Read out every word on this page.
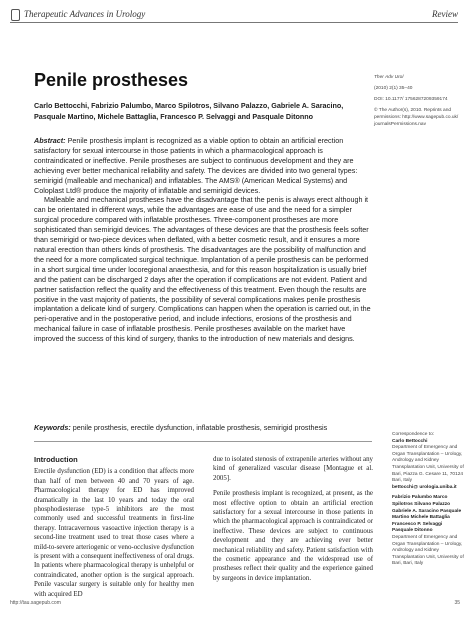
Therapeutic Advances in Urology	Review
Penile prostheses
Carlo Bettocchi, Fabrizio Palumbo, Marco Spilotros, Silvano Palazzo, Gabriele A. Saracino, Pasquale Martino, Michele Battaglia, Francesco P. Selvaggi and Pasquale Ditonno

Ther Adv Urol

(2010) 2(1) 35–40

DOI: 10.1177/ 1756287209359174

© The Author(s), 2010. Reprints and permissions: http://www.sagepub.co.uk/ journalsPermissions.nav

Abstract: Penile prosthesis implant is recognized as a viable option to obtain an artificial erection satisfactory for sexual intercourse in those patients in which a pharmacological approach is contraindicated or ineffective. Penile prostheses are subject to continuous development and they are achieving ever better mechanical reliability and safety. The devices are divided into two general types: semirigid (malleable and mechanical) and inflatables. The AMS® (American Medical Systems) and Coloplast Ltd® produce the majority of inflatable and semirigid devices.

Malleable and mechanical prostheses have the disadvantage that the penis is always erect although it can be orientated in different ways, while the advantages are ease of use and the need for a simpler surgical procedure compared with inflatable prostheses. Three-component prostheses are more sophisticated than semirigid devices. The advantages of these devices are that the prosthesis feels softer than semirigid or two-piece devices when deflated, with a better cosmetic result, and it ensures a more natural erection than others kinds of prosthesis. The disadvantages are the possibility of malfunction and the need for a more complicated surgical technique. Implantation of a penile prosthesis can be performed in a short surgical time under locoregional anaesthesia, and for this reason hospitalization is usually brief and the patient can be discharged 2 days after the operation if complications are not evident. Patient and partner satisfaction reflect the quality and the effectiveness of this treatment. Even though the results are positive in the vast majority of patients, the possibility of several complications makes penile prosthesis implantation a delicate kind of surgery. Complications can happen when the operation is carried out, in the peri-operative and in the postoperative period, and include infections, erosions of the prosthesis and mechanical failure in case of inflatable prosthesis. Penile prostheses available on the market have improved the success of this kind of surgery, thanks to the introduction of new materials and designs.

Keywords: penile prosthesis, erectile dysfunction, inflatable prosthesis, semirigid prosthesis
Introduction

Erectile dysfunction (ED) is a condition that affects more than half of men between 40 and 70 years of age. Pharmacological therapy for ED has improved dramatically in the last 10 years and today the oral phosphodiesterase type-5 inhibitors are the most commonly used and successful treatments in first-line therapy. Intracavernous vasoactive injection therapy is a second-line treatment used to treat those cases where a mild-to-severe arteriogenic or veno-occlusive dysfunction is present with a consequent ineffectiveness of oral drugs. In patients where pharmacological therapy is unhelpful or contraindicated, another option is the surgical approach. Penile vascular surgery is suitable only for healthy men with acquired ED

due to isolated stenosis of extrapenile arteries without any kind of generalized vascular disease [Montague et al. 2005].

Penile prosthesis implant is recognized, at present, as the most effective option to obtain an artificial erection satisfactory for a sexual intercourse in those patients in which the pharmacological approach is contraindicated or ineffective. These devices are subject to continuous development and they are achieving ever better mechanical reliability and safety. Patient satisfaction with the cosmetic appearance and the widespread use of prostheses reflect their quality and the experience gained by surgeons in device implantation.

Correspondence to:
Carlo Bettocchi
Department of Emergency and Organ Transplantation – Urology, Andrology and Kidney Transplantation Unit, University of Bari, Piazza G. Cesare 11, 70124 Bari, Italy
bettocchi@ urologia.uniba.it

Fabrizio Palumbo Marco Spilotros Silvano Palazzo Gabriele A. Saracino Pasquale Martino Michele Battaglia Francesco P. Selvaggi Pasquale Ditonno
Department of Emergency and Organ Transplantation – Urology, Andrology and Kidney Transplantation Unit, University of Bari, Bari, Italy

http://tau.sagepub.com	35
